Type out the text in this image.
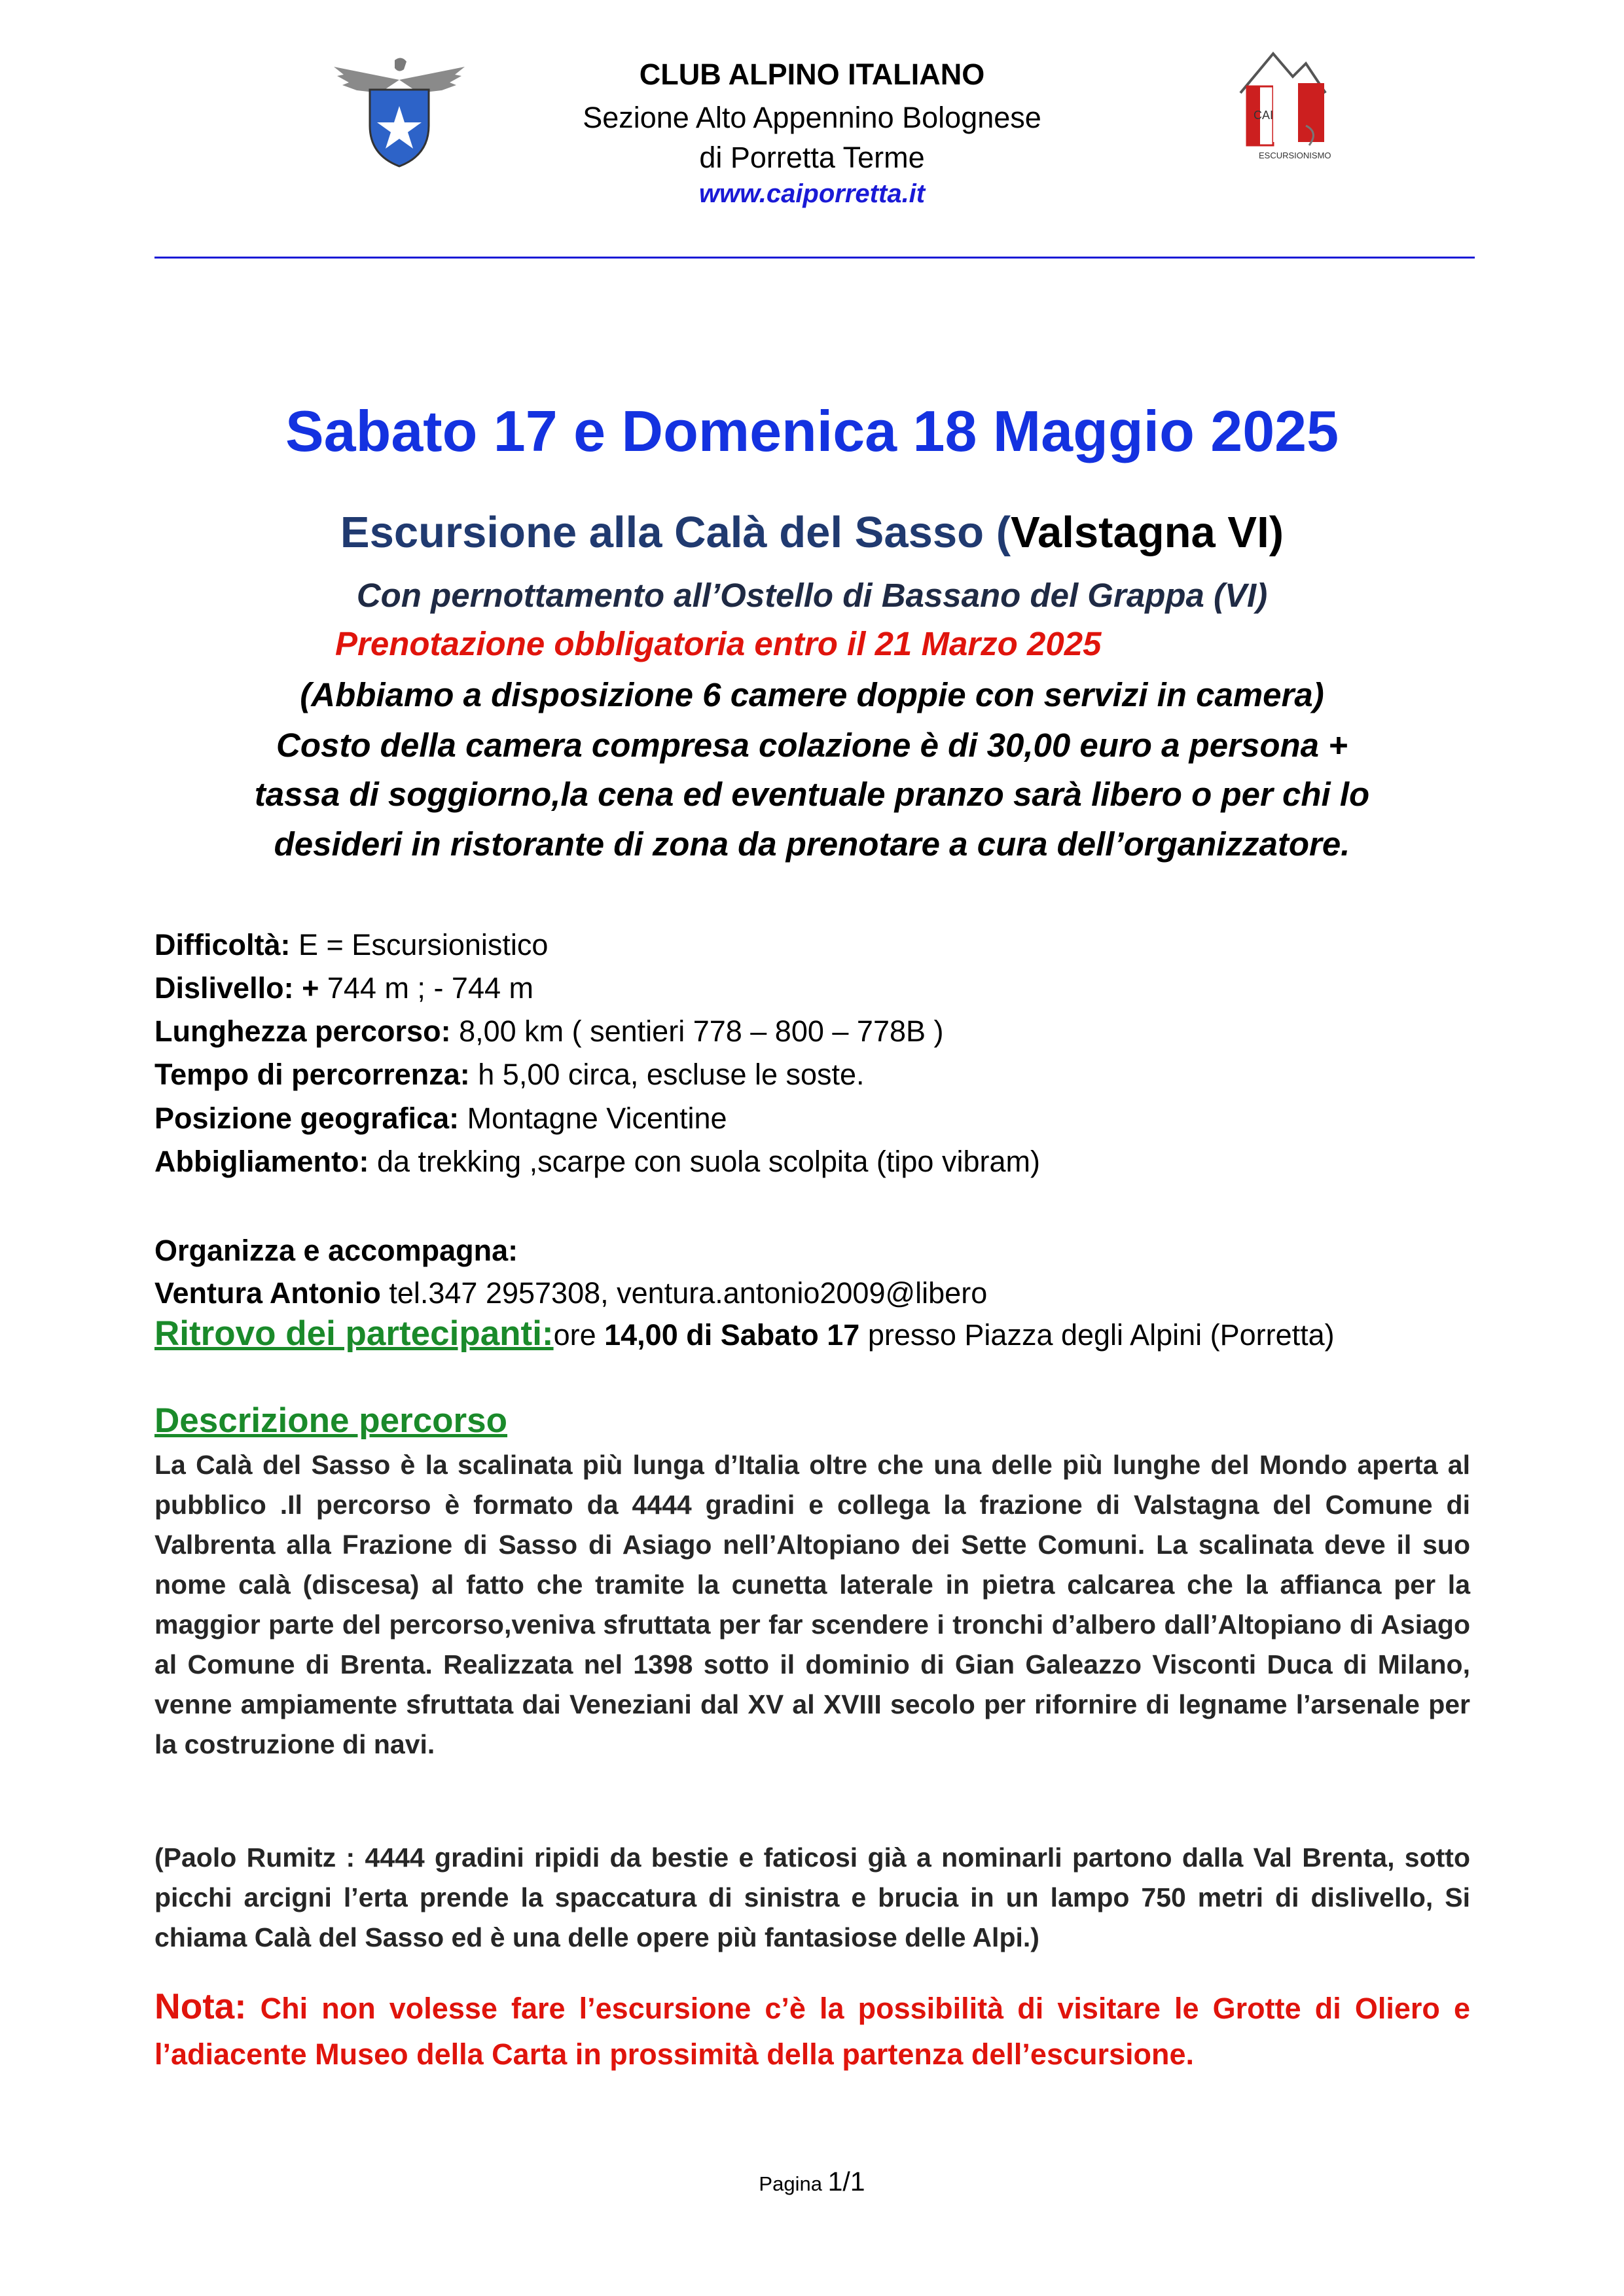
CAI
ESCURSIONISMO
CLUB ALPINO ITALIANO
Sezione Alto Appennino Bolognese
di Porretta Terme
www.caiporretta.it
Sabato 17 e Domenica 18 Maggio 2025
Escursione alla Calà del Sasso (Valstagna VI)
Con pernottamento all’Ostello di Bassano del Grappa (VI)
Prenotazione obbligatoria entro il 21 Marzo 2025
(Abbiamo a disposizione 6 camere doppie con servizi in camera)
Costo della camera compresa colazione è di 30,00 euro a persona +
tassa di soggiorno,la cena ed eventuale pranzo sarà libero o per chi lo
desideri in ristorante di zona da prenotare a cura dell’organizzatore.
Difficoltà: E = Escursionistico
Dislivello: + 744 m ; - 744 m
Lunghezza percorso: 8,00 km ( sentieri 778 – 800 – 778B )
Tempo di percorrenza: h 5,00 circa, escluse le soste.
Posizione geografica: Montagne Vicentine
Abbigliamento: da trekking ,scarpe con suola scolpita (tipo vibram)
Organizza e accompagna:
Ventura Antonio tel.347 2957308, ventura.antonio2009@libero
Ritrovo dei partecipanti:ore 14,00 di Sabato 17 presso Piazza degli Alpini (Porretta)
Descrizione percorso
La Calà del Sasso è la scalinata più lunga d’Italia oltre che una delle più lunghe del Mondo aperta al pubblico .Il percorso è formato da 4444 gradini e collega la frazione di Valstagna del Comune di Valbrenta alla Frazione di Sasso di Asiago nell’Altopiano dei Sette Comuni. La scalinata deve il suo nome calà (discesa) al fatto che tramite la cunetta laterale in pietra calcarea che la affianca per la maggior parte del percorso,veniva sfruttata per far scendere i tronchi d’albero dall’Altopiano di Asiago al Comune di Brenta. Realizzata nel 1398 sotto il dominio di Gian Galeazzo Visconti Duca di Milano, venne ampiamente sfruttata dai Veneziani dal XV al XVIII secolo per rifornire di legname l’arsenale per la costruzione di navi.
(Paolo Rumitz : 4444 gradini ripidi da bestie e faticosi già a nominarli partono dalla Val Brenta, sotto picchi arcigni l’erta prende la spaccatura di sinistra e brucia in un lampo 750 metri di dislivello, Si chiama Calà del Sasso ed è una delle opere più fantasiose delle Alpi.)
Nota: Chi non volesse fare l’escursione c’è la possibilità di visitare le Grotte di Oliero e l’adiacente Museo della Carta in prossimità della partenza dell’escursione.
Pagina 1/1
